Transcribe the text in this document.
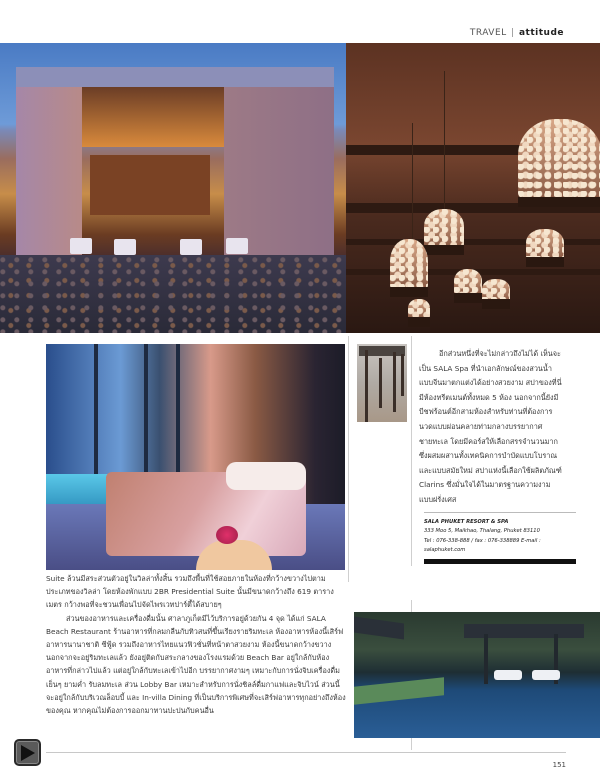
TRAVEL | attitude

อีกส่วนหนึ่งที่จะไม่กล่าวถึงไม่ได้ เห็นจะเป็น SALA Spa ที่นำเอกลักษณ์ของสวนน้ำแบบจีนมาตกแต่งได้อย่างสวยงาม สปาของที่นี่มีห้องทรีตเมนต์ทั้งหมด 5 ห้อง นอกจากนี้ยังมีบีชฟร้อนต์อีกสามห้องสำหรับท่านที่ต้องการนวดแบบผ่อนคลายท่ามกลางบรรยากาศชายทะเล โดยมีคอร์สให้เลือกสรรจำนวนมาก ซึ่งผสมผสานทั้งเทคนิคการบำบัดแบบโบราณและแบบสมัยใหม่ สปาแห่งนี้เลือกใช้ผลิตภัณฑ์ Clarins ซึ่งมั่นใจได้ในมาตรฐานความงามแบบฝรั่งเศส

SALA PHUKET RESORT & SPA
333 Moo 5, Maikhao, Thalang, Phuket 83110
Tel : 076-338-888 / fax : 076-338889 E-mail : salaphuket.com

Suite ล้วนมีสระส่วนตัวอยู่ในวิลล่าทั้งสิ้น รวมถึงพื้นที่ใช้สอยภายในห้องที่กว้างขวางไปตามประเภทของวิลล่า โดยห้องพักแบบ 2BR Presidential Suite นั้นมีขนาดกว้างถึง 619 ตารางเมตร กว้างพอที่จะชวนเพื่อนไปจัดไพรเวทปาร์ตี้ได้สบายๆ

ส่วนของอาหารและเครื่องดื่มนั้น ศาลาภูเก็ตมีไว้บริการอยู่ด้วยกัน 4 จุด ได้แก่ SALA Beach Restaurant ร้านอาหารที่กลมกลืนกับทิวสนที่ขึ้นเรียงรายริมทะเล ห้องอาหารห้องนี้เสิร์ฟอาหารนานาชาติ ซีฟู้ด รวมถึงอาหารไทยแนวฟิวชั่นที่หน้าตาสวยงาม ห้องนี้ขนาดกว้างขวาง นอกจากจะอยู่ริมทะเลแล้ว ยังอยู่ติดกับสระกลางของโรงแรมด้วย Beach Bar อยู่ใกล้กับห้องอาหารที่กล่าวไปแล้ว แต่อยู่ใกล้กับทะเลเข้าไปอีก บรรยากาศงามๆ เหมาะกับการนั่งจิบเครื่องดื่มเย็นๆ ยามค่ำ รับลมทะเล ส่วน Lobby Bar เหมาะสำหรับการนั่งชิลล์ดื่มกาแฟและจิบไวน์ ส่วนนี้จะอยู่ใกล้กับบริเวณล็อบบี้ และ In-villa Dining ที่เป็นบริการพิเศษที่จะเสิร์ฟอาหารทุกอย่างถึงห้องของคุณ หากคุณไม่ต้องการออกมาทานปะปนกับคนอื่น

151
